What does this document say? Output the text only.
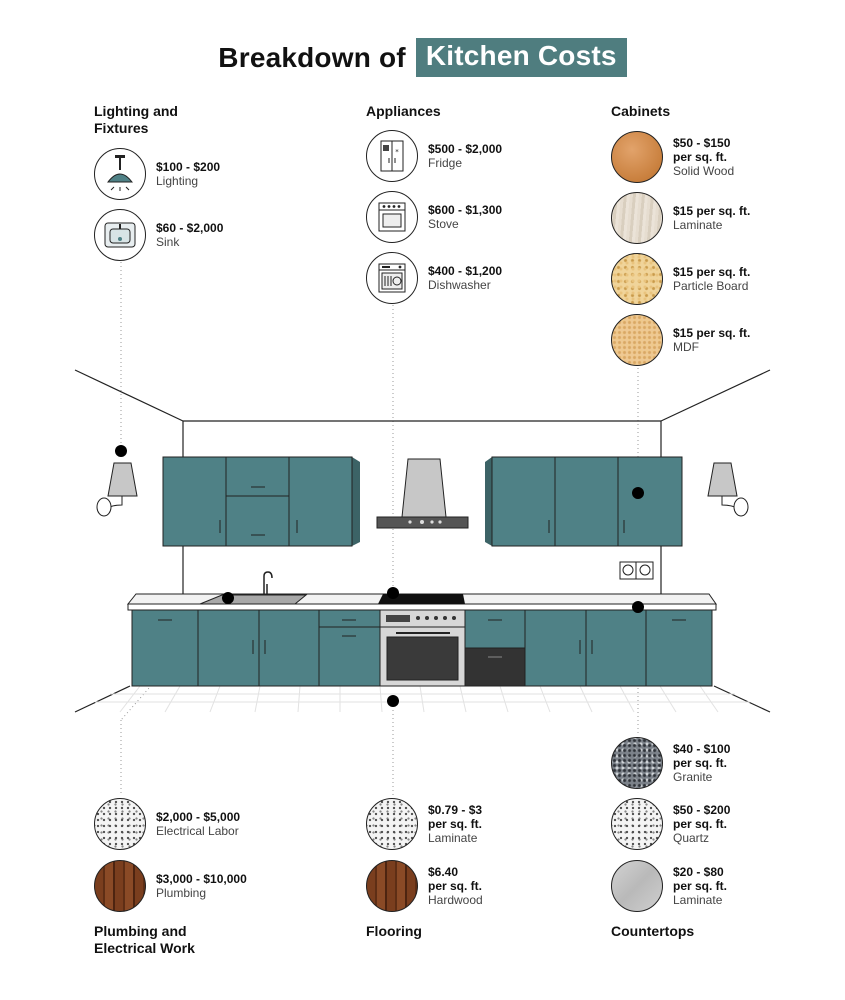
Breakdown of Kitchen Costs
Lighting and
Fixtures
$100 - $200
Lighting
$60 - $2,000
Sink
Appliances
* $500 - $2,000
Fridge
$600 - $1,300
Stove
$400 - $1,200
Dishwasher
Cabinets
$50 - $150
per sq. ft.
Solid Wood
$15 per sq. ft.
Laminate
$15 per sq. ft.
Particle Board
$15 per sq. ft.
MDF
$2,000 - $5,000
Electrical Labor
$3,000 - $10,000
Plumbing
Plumbing and
Electrical Work
$0.79 - $3
per sq. ft.
Laminate
$6.40
per sq. ft.
Hardwood
Flooring
$40 - $100
per sq. ft.
Granite
$50 - $200
per sq. ft.
Quartz
$20 - $80
per sq. ft.
Laminate
Countertops
